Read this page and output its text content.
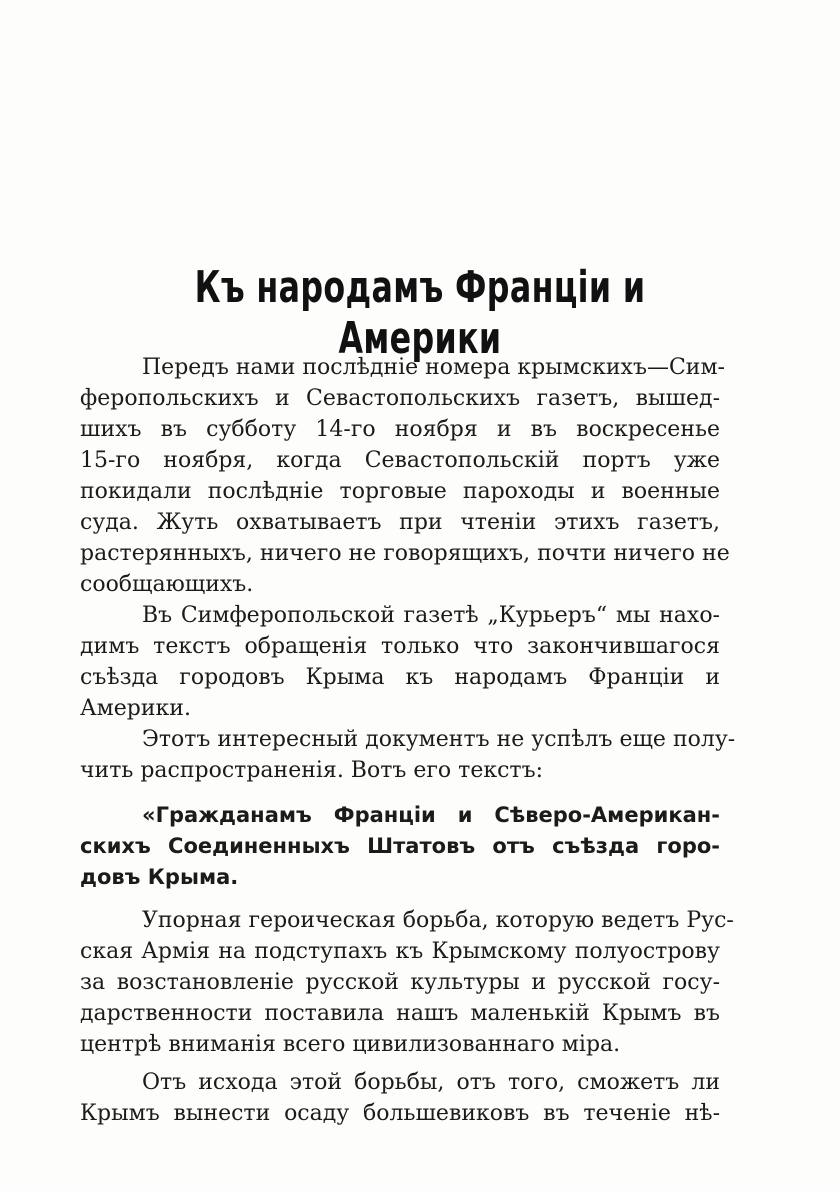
Къ народамъ Франціи и Америки
Передъ нами послѣдніе номера крымскихъ—Сим-
феропольскихъ и Севастопольскихъ газетъ, вышед-
шихъ въ субботу 14-го ноября и въ воскресенье
15-го ноября, когда Севастопольскій портъ уже
покидали послѣдніе торговые пароходы и военные
суда. Жуть охватываетъ при чтеніи этихъ газетъ,
растерянныхъ, ничего не говорящихъ, почти ничего не
сообщающихъ.
Въ Симферопольской газетѣ „Курьеръ“ мы нахо-
димъ текстъ обращенія только что закончившагося
съѣзда городовъ Крыма къ народамъ Франціи и
Америки.
Этотъ интересный документъ не успѣлъ еще полу-
чить распространенія. Вотъ его текстъ:
«Гражданамъ Франціи и Сѣверо-Американ-
скихъ Соединенныхъ Штатовъ отъ съѣзда горо-
довъ Крыма.
Упорная героическая борьба, которую ведетъ Рус-
ская Армія на подступахъ къ Крымскому полуострову
за возстановленіе русской культуры и русской госу-
дарственности поставила нашъ маленькій Крымъ въ
центрѣ вниманія всего цивилизованнаго міра.
Отъ исхода этой борьбы, отъ того, сможетъ ли
Крымъ вынести осаду большевиковъ въ теченіе нѣ-
